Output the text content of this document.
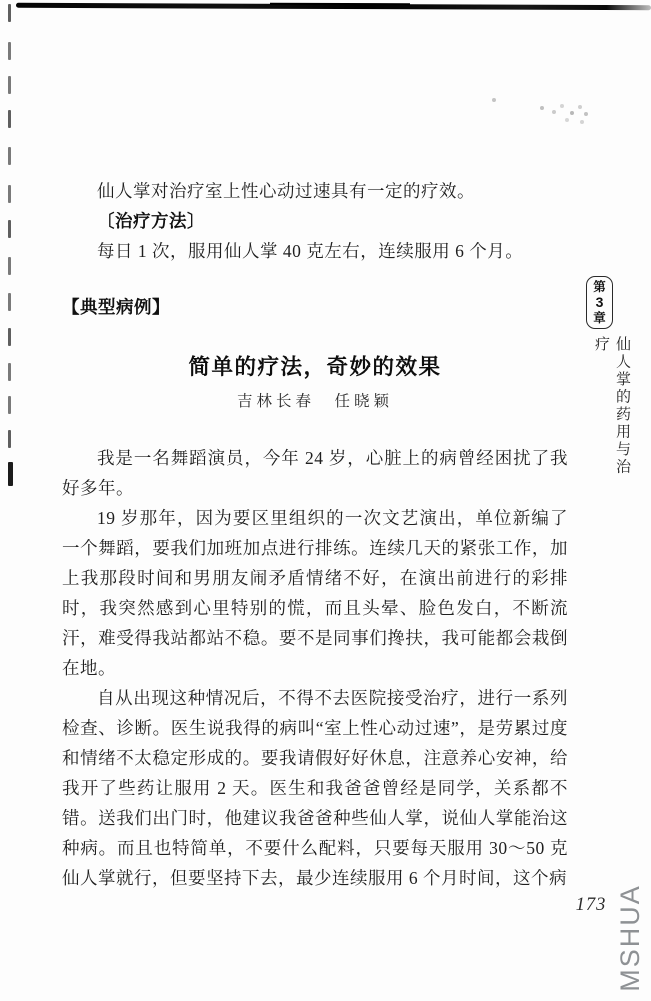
仙人掌对治疗室上性心动过速具有一定的疗效。

〔治疗方法〕

每日 1 次，服用仙人掌 40 克左右，连续服用 6 个月。

【典型病例】
简单的疗法，奇妙的效果
吉林长春　任晓颖

我是一名舞蹈演员，今年 24 岁，心脏上的病曾经困扰了我好多年。

19 岁那年，因为要区里组织的一次文艺演出，单位新编了一个舞蹈，要我们加班加点进行排练。连续几天的紧张工作，加上我那段时间和男朋友闹矛盾情绪不好，在演出前进行的彩排时，我突然感到心里特别的慌，而且头晕、脸色发白，不断流汗，难受得我站都站不稳。要不是同事们搀扶，我可能都会栽倒在地。

自从出现这种情况后，不得不去医院接受治疗，进行一系列检查、诊断。医生说我得的病叫“室上性心动过速”，是劳累过度和情绪不太稳定形成的。要我请假好好休息，注意养心安神，给我开了些药让服用 2 天。医生和我爸爸曾经是同学，关系都不错。送我们出门时，他建议我爸爸种些仙人掌，说仙人掌能治这种病。而且也特简单，不要什么配料，只要每天服用 30～50 克仙人掌就行，但要坚持下去，最少连续服用 6 个月时间，这个病

第
3
章
仙人掌的药用与治疗
173 MSHUA
